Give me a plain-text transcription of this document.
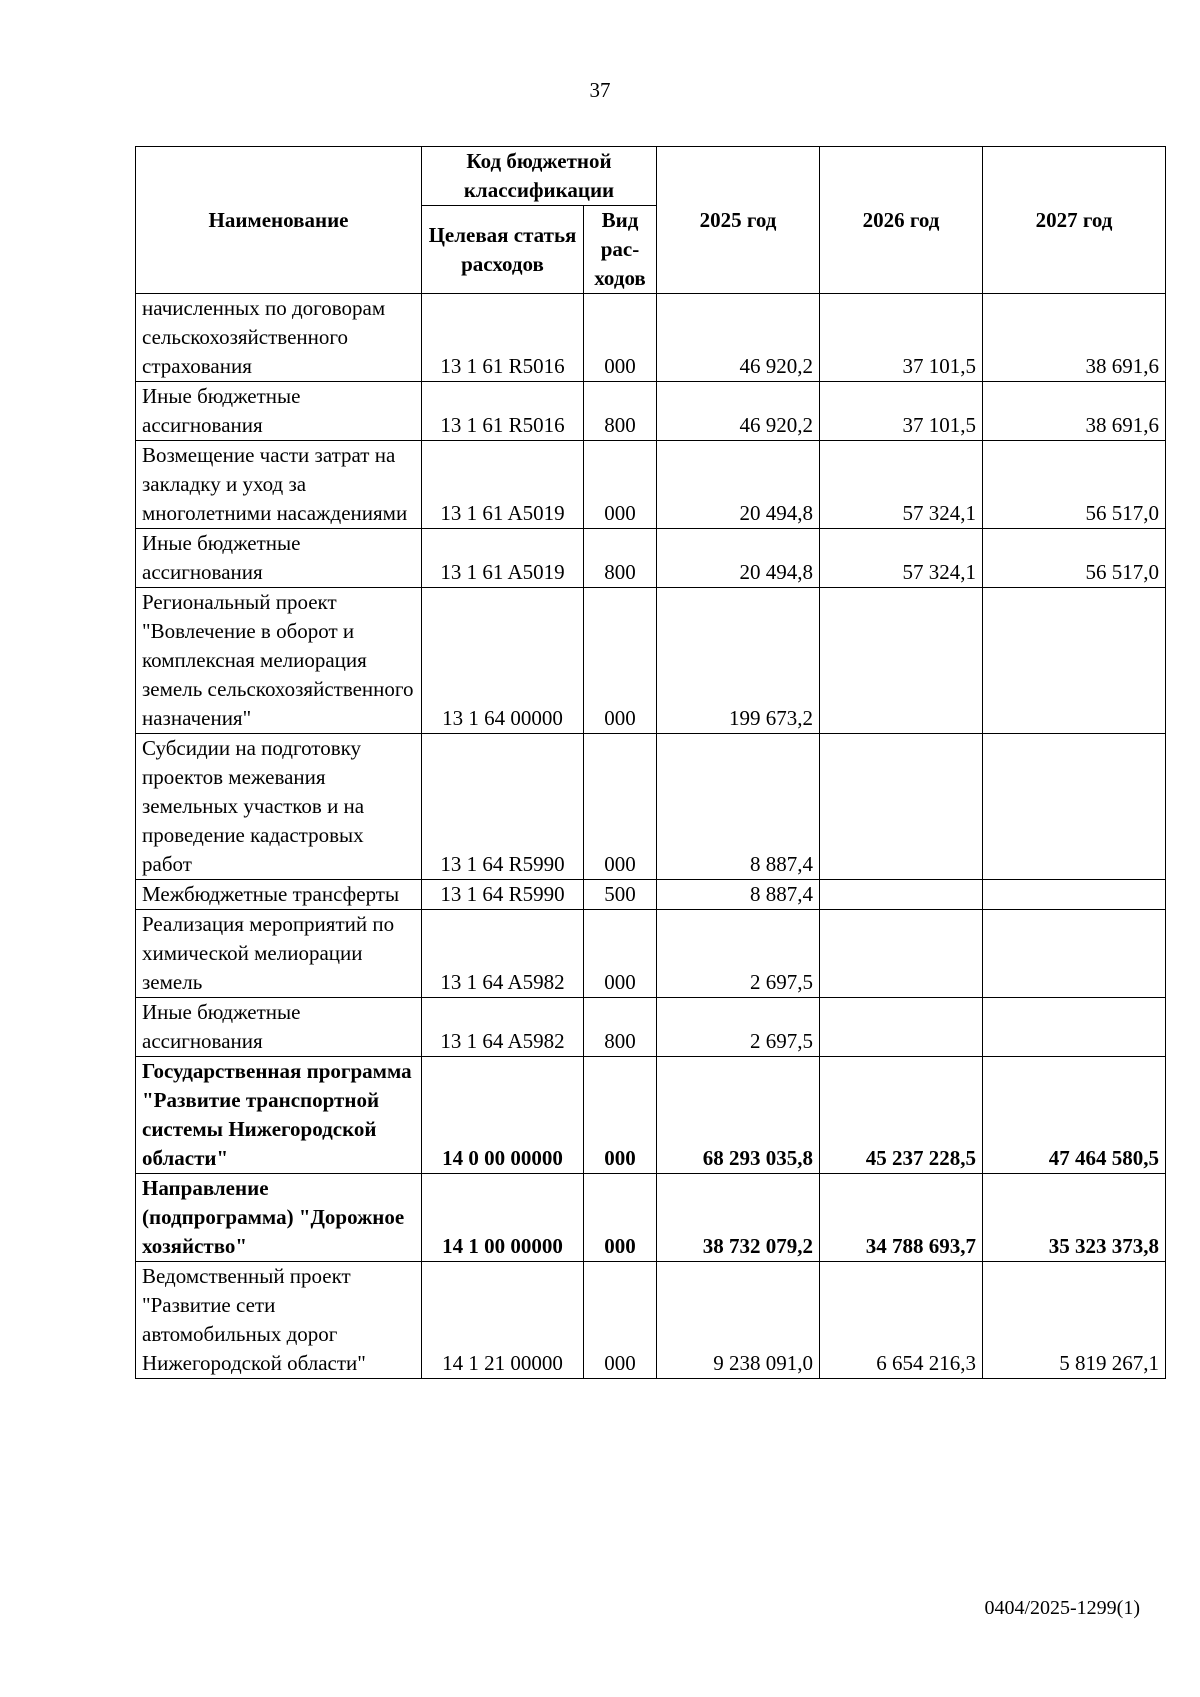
37
Наименование	Код бюджетной классификации		2025 год	2026 год	2027 год
	Целевая статья расходов	Вид рас-ходов			
начисленных по договорам сельскохозяйственного страхования	13 1 61 R5016	000	46 920,2	37 101,5	38 691,6
Иные бюджетные ассигнования	13 1 61 R5016	800	46 920,2	37 101,5	38 691,6
Возмещение части затрат на закладку и уход за многолетними насаждениями	13 1 61 A5019	000	20 494,8	57 324,1	56 517,0
Иные бюджетные ассигнования	13 1 61 A5019	800	20 494,8	57 324,1	56 517,0
Региональный проект "Вовлечение в оборот и комплексная мелиорация земель сельскохозяйственного назначения"	13 1 64 00000	000	199 673,2		
Субсидии на подготовку проектов межевания земельных участков и на проведение кадастровых работ	13 1 64 R5990	000	8 887,4		
Межбюджетные трансферты	13 1 64 R5990	500	8 887,4		
Реализация мероприятий по химической мелиорации земель	13 1 64 A5982	000	2 697,5		
Иные бюджетные ассигнования	13 1 64 A5982	800	2 697,5		
Государственная программа "Развитие транспортной системы Нижегородской области"	14 0 00 00000	000	68 293 035,8	45 237 228,5	47 464 580,5
Направление (подпрограмма) "Дорожное хозяйство"	14 1 00 00000	000	38 732 079,2	34 788 693,7	35 323 373,8
Ведомственный проект "Развитие сети автомобильных дорог Нижегородской области"	14 1 21 00000	000	9 238 091,0	6 654 216,3	5 819 267,1
0404/2025-1299(1)
